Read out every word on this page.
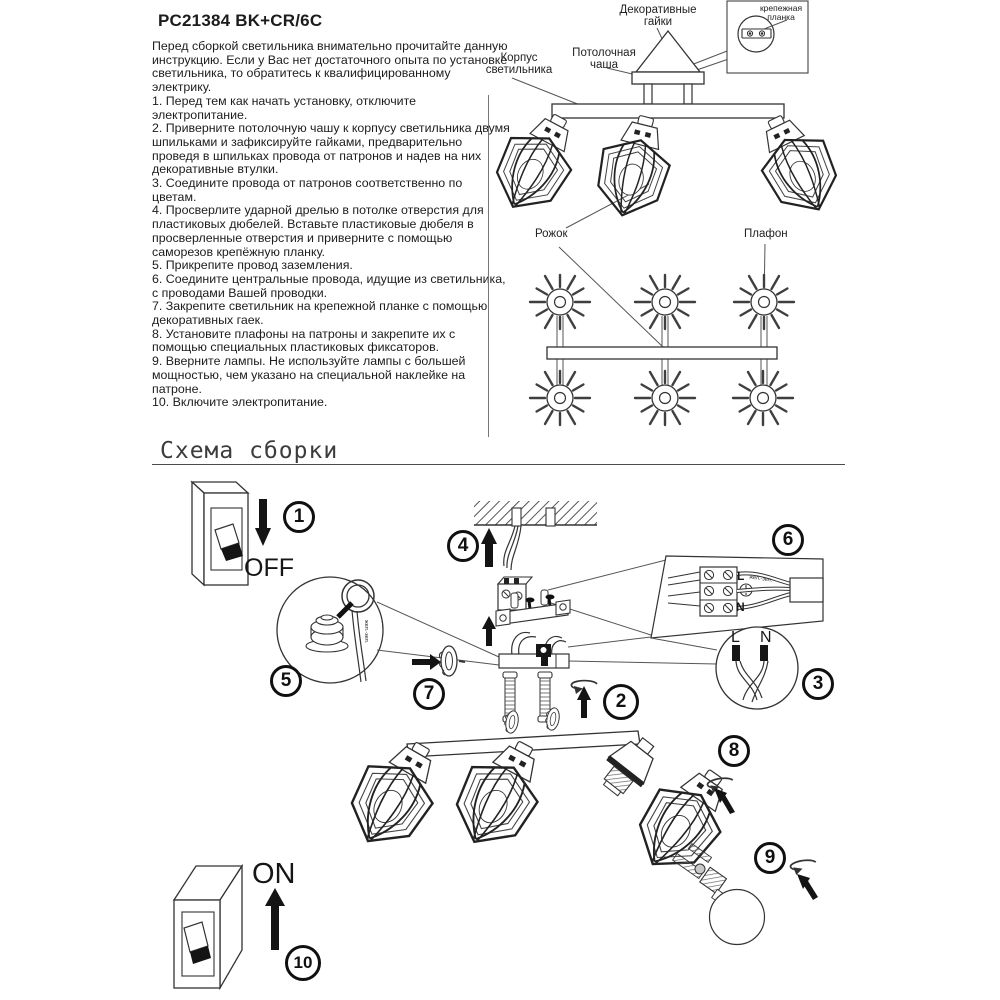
PC21384 BK+CR/6C

Перед сборкой светильника внимательно прочитайте данную инструкцию. Если у Вас нет достаточного опыта по установке светильника, то обратитесь к квалифицированному электрику.

1. Перед тем как начать установку, отключите электропитание.

2. Приверните потолочную чашу к корпусу светильника двумя шпильками и зафиксируйте гайками, предварительно проведя в шпильках провода от патронов и надев на них декоративные втулки.

3. Соедините провода от патронов соответственно по цветам.

4. Просверлите ударной дрелью в потолке отверстия для пластиковых дюбелей. Вставьте пластиковые дюбеля в просверленные отверстия и приверните с помощью саморезов крепёжную планку.

5. Прикрепите провод заземления.

6. Соедините центральные провода, идущие из светильника, с проводами Вашей проводки.

7. Закрепите светильник на крепежной планке с помощью декоративных гаек.

8. Установите плафоны на патроны и закрепите их с помощью специальных пластиковых фиксаторов.

9. Вверните лампы. Не используйте лампы с большей мощностью, чем указано на специальной наклейке на патроне.

10. Включите электропитание.

Декоративные гайки
крепежная планка
Потолочная чаша
Корпус светильника
Рожок	Плафон
Схема сборки
OFF
ON
L N
L
N
жел.-зел.
жел.-зел.
1
2
3
4
5
6
7
8
9
10
